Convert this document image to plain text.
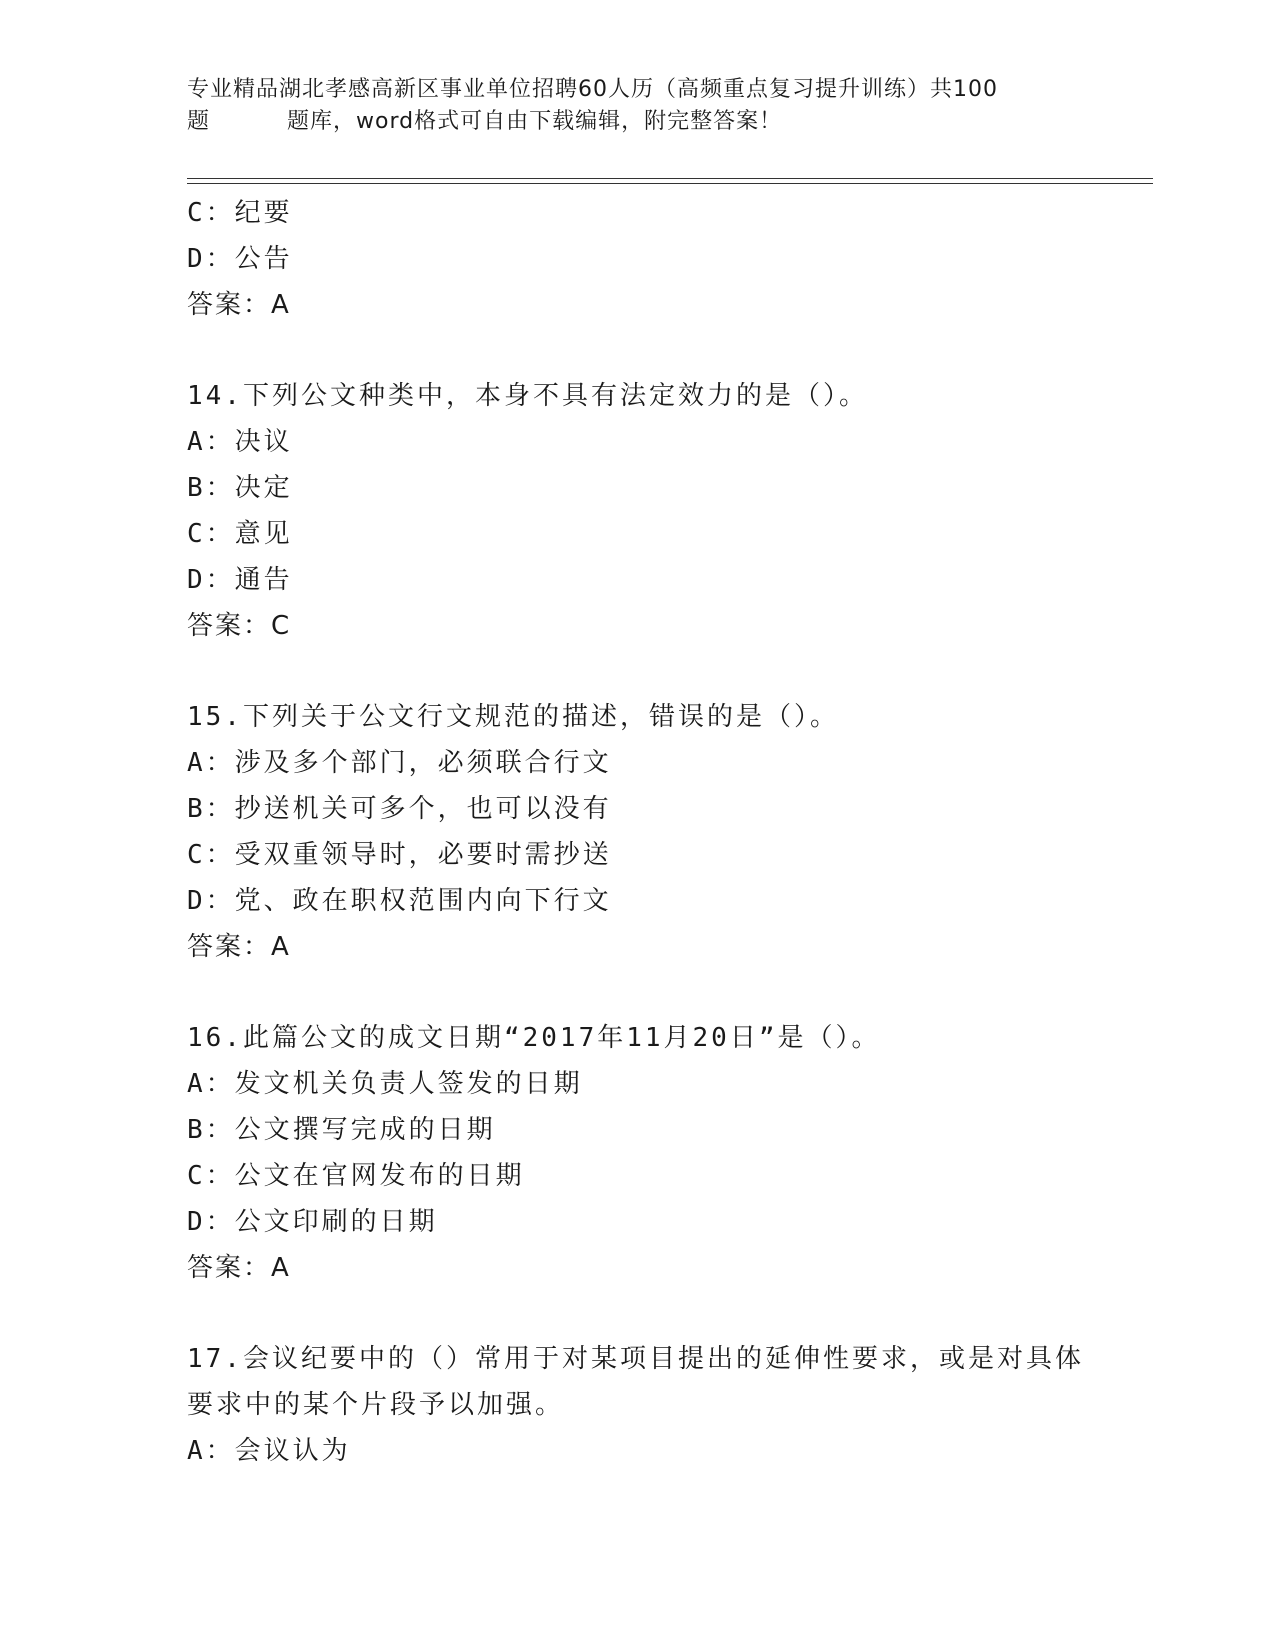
专业精品湖北孝感高新区事业单位招聘60人历（高频重点复习提升训练）共100
题	题库，word格式可自由下载编辑，附完整答案！
C：纪要
D：公告
答案：A
14.下列公文种类中，本身不具有法定效力的是（）。
A：决议
B：决定
C：意见
D：通告
答案：C
15.下列关于公文行文规范的描述，错误的是（）。
A：涉及多个部门，必须联合行文
B：抄送机关可多个，也可以没有
C：受双重领导时，必要时需抄送
D：党、政在职权范围内向下行文
答案：A
16.此篇公文的成文日期“2017年11月20日”是（）。
A：发文机关负责人签发的日期
B：公文撰写完成的日期
C：公文在官网发布的日期
D：公文印刷的日期
答案：A
17.会议纪要中的（）常用于对某项目提出的延伸性要求，或是对具体
要求中的某个片段予以加强。
A：会议认为
